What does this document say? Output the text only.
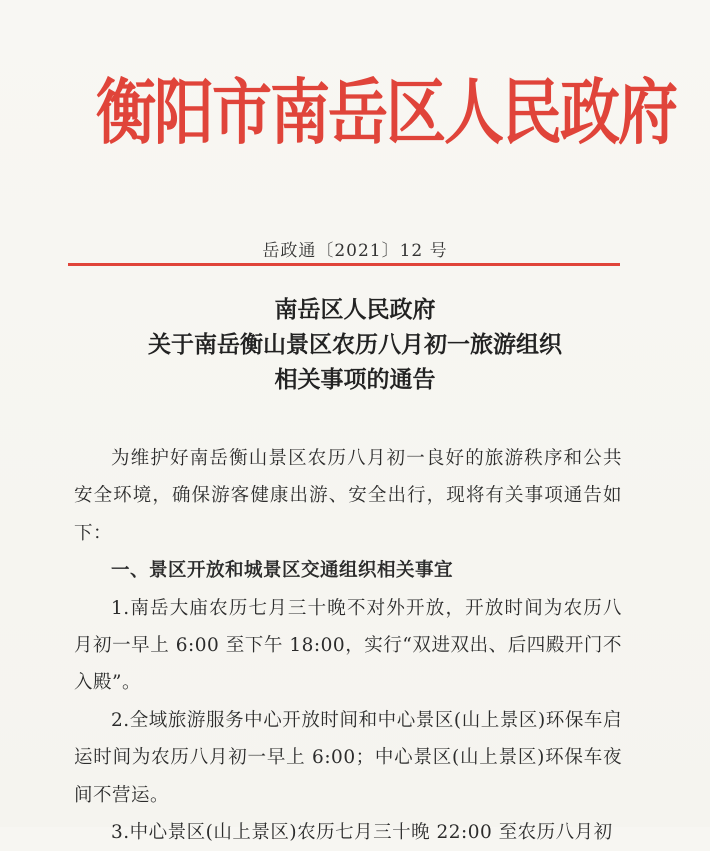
衡阳市南岳区人民政府
岳政通〔2021〕12 号
南岳区人民政府
关于南岳衡山景区农历八月初一旅游组织
相关事项的通告

为维护好南岳衡山景区农历八月初一良好的旅游秩序和公共安全环境，确保游客健康出游、安全出行，现将有关事项通告如下：

一、景区开放和城景区交通组织相关事宜

1.南岳大庙农历七月三十晚不对外开放，开放时间为农历八月初一早上 6:00 至下午 18:00，实行“双进双出、后四殿开门不入殿”。

2.全域旅游服务中心开放时间和中心景区(山上景区)环保车启运时间为农历八月初一早上 6:00；中心景区(山上景区)环保车夜间不营运。

3.中心景区(山上景区)农历七月三十晚 22:00 至农历八月初
